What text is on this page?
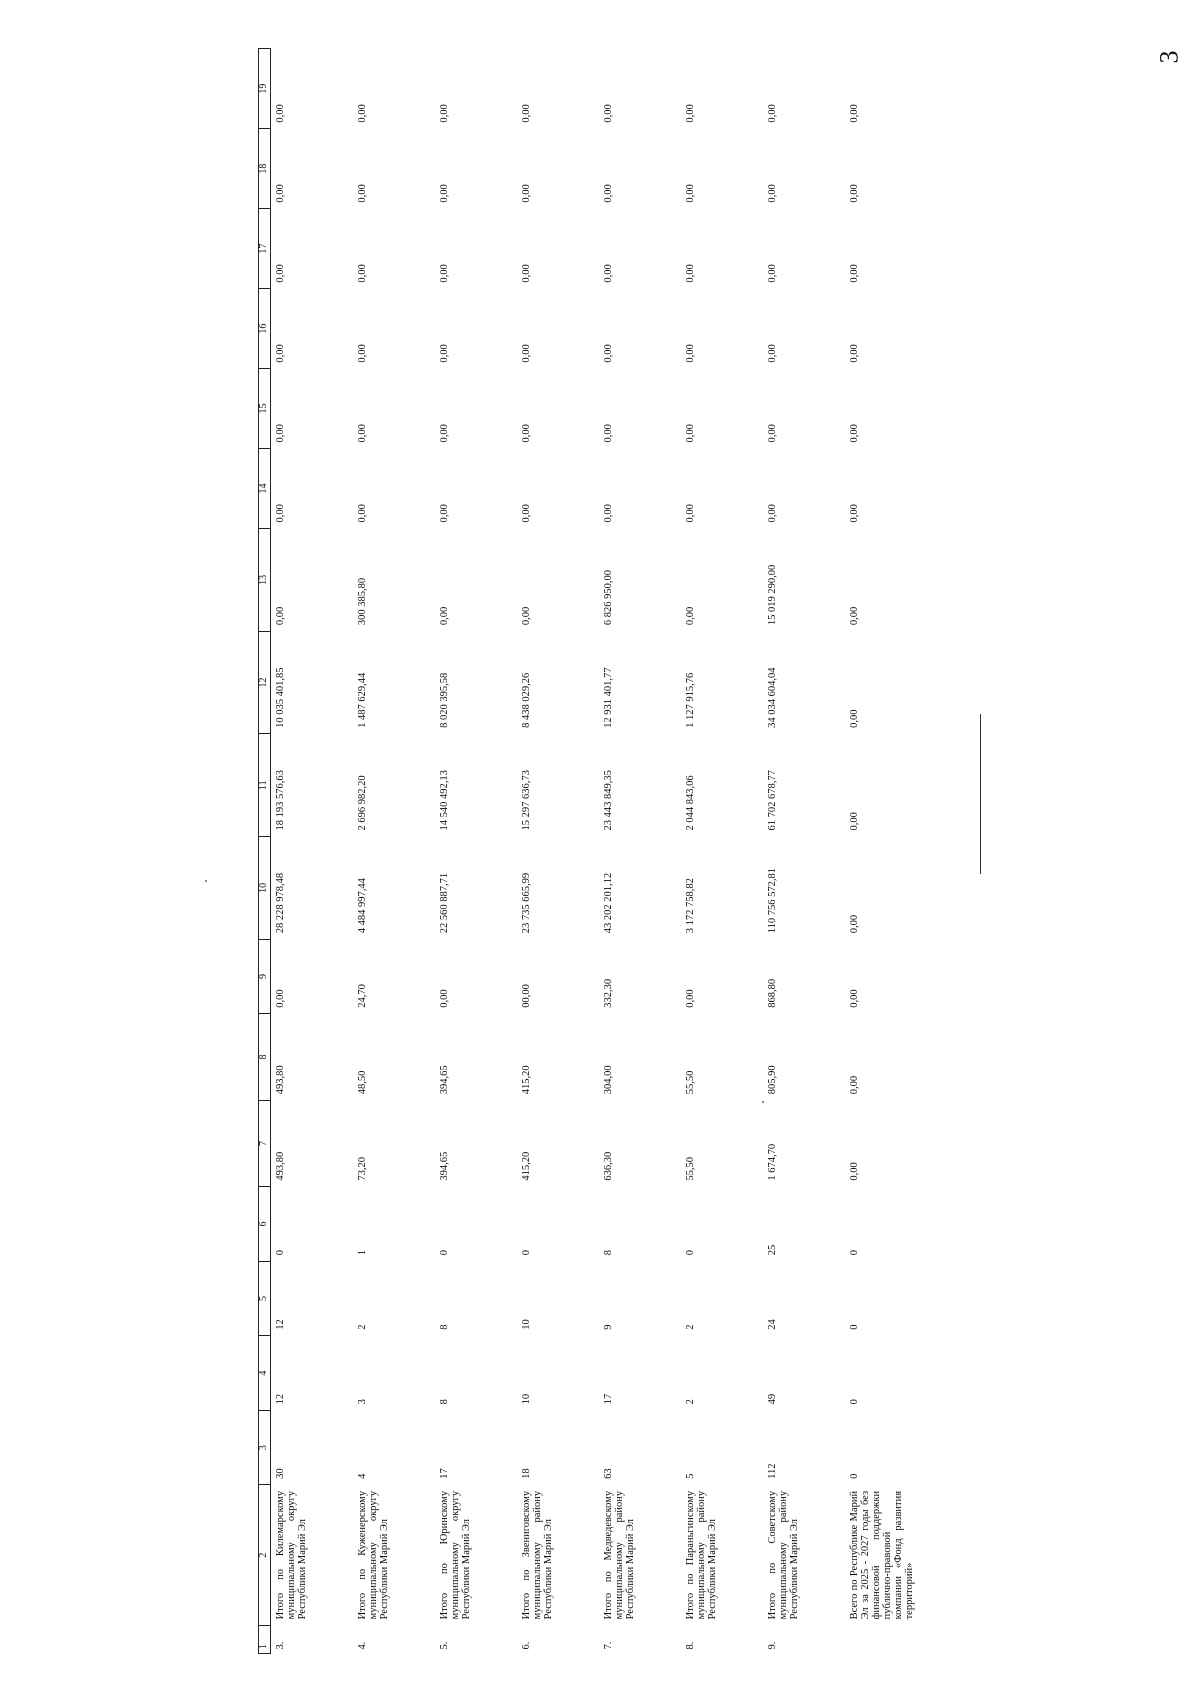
3
1	2	3	4	5	6	7	8	9	10	11	12	13	14	15	16	17	18	19
3.	Итого по Килемарскому муниципальному округу Республики Марий Эл	30	12	12	0	493,80	493,80	0,00	28 228 978,48	18 193 576,63	10 035 401,85	0,00	0,00	0,00	0,00	0,00	0,00	0,00
4.	Итого по Куженерскому муниципальному округу Республики Марий Эл	4	3	2	1	73,20	48,50	24,70	4 484 997,44	2 696 982,20	1 487 629,44	300 385,80	0,00	0,00	0,00	0,00	0,00	0,00
5.	Итого по Юринскому муниципальному округу Республики Марий Эл	17	8	8	0	394,65	394,65	0,00	22 560 887,71	14 540 492,13	8 020 395,58	0,00	0,00	0,00	0,00	0,00	0,00	0,00
6.	Итого по Звениговскому муниципальному району Республики Марий Эл	18	10	10	0	415,20	415,20	00,00	23 735 665,99	15 297 636,73	8 438 029,26	0,00	0,00	0,00	0,00	0,00	0,00	0,00
7.	Итого по Медведевскому муниципальному району Республики Марий Эл	63	17	9	8	636,30	304,00	332,30	43 202 201,12	23 443 849,35	12 931 401,77	6 826 950,00	0,00	0,00	0,00	0,00	0,00	0,00
8.	Итого по Параньгинскому муниципальному району Республики Марий Эл	5	2	2	0	55,50	55,50	0,00	3 172 758,82	2 044 843,06	1 127 915,76	0,00	0,00	0,00	0,00	0,00	0,00	0,00
9.	Итого по Советскому муниципальному району Республики Марий Эл	112	49	24	25	1 674,70	805,90	868,80	110 756 572,81	61 702 678,77	34 034 604,04	15 019 290,00	0,00	0,00	0,00	0,00	0,00	0,00
	Всего по Республике Марий Эл за 2025 - 2027 годы без финансовой поддержки публично-правовой компании «Фонд развития территорий»	0	0	0	0	0,00	0,00	0,00	0,00	0,00	0,00	0,00	0,00	0,00	0,00	0,00	0,00	0,00
